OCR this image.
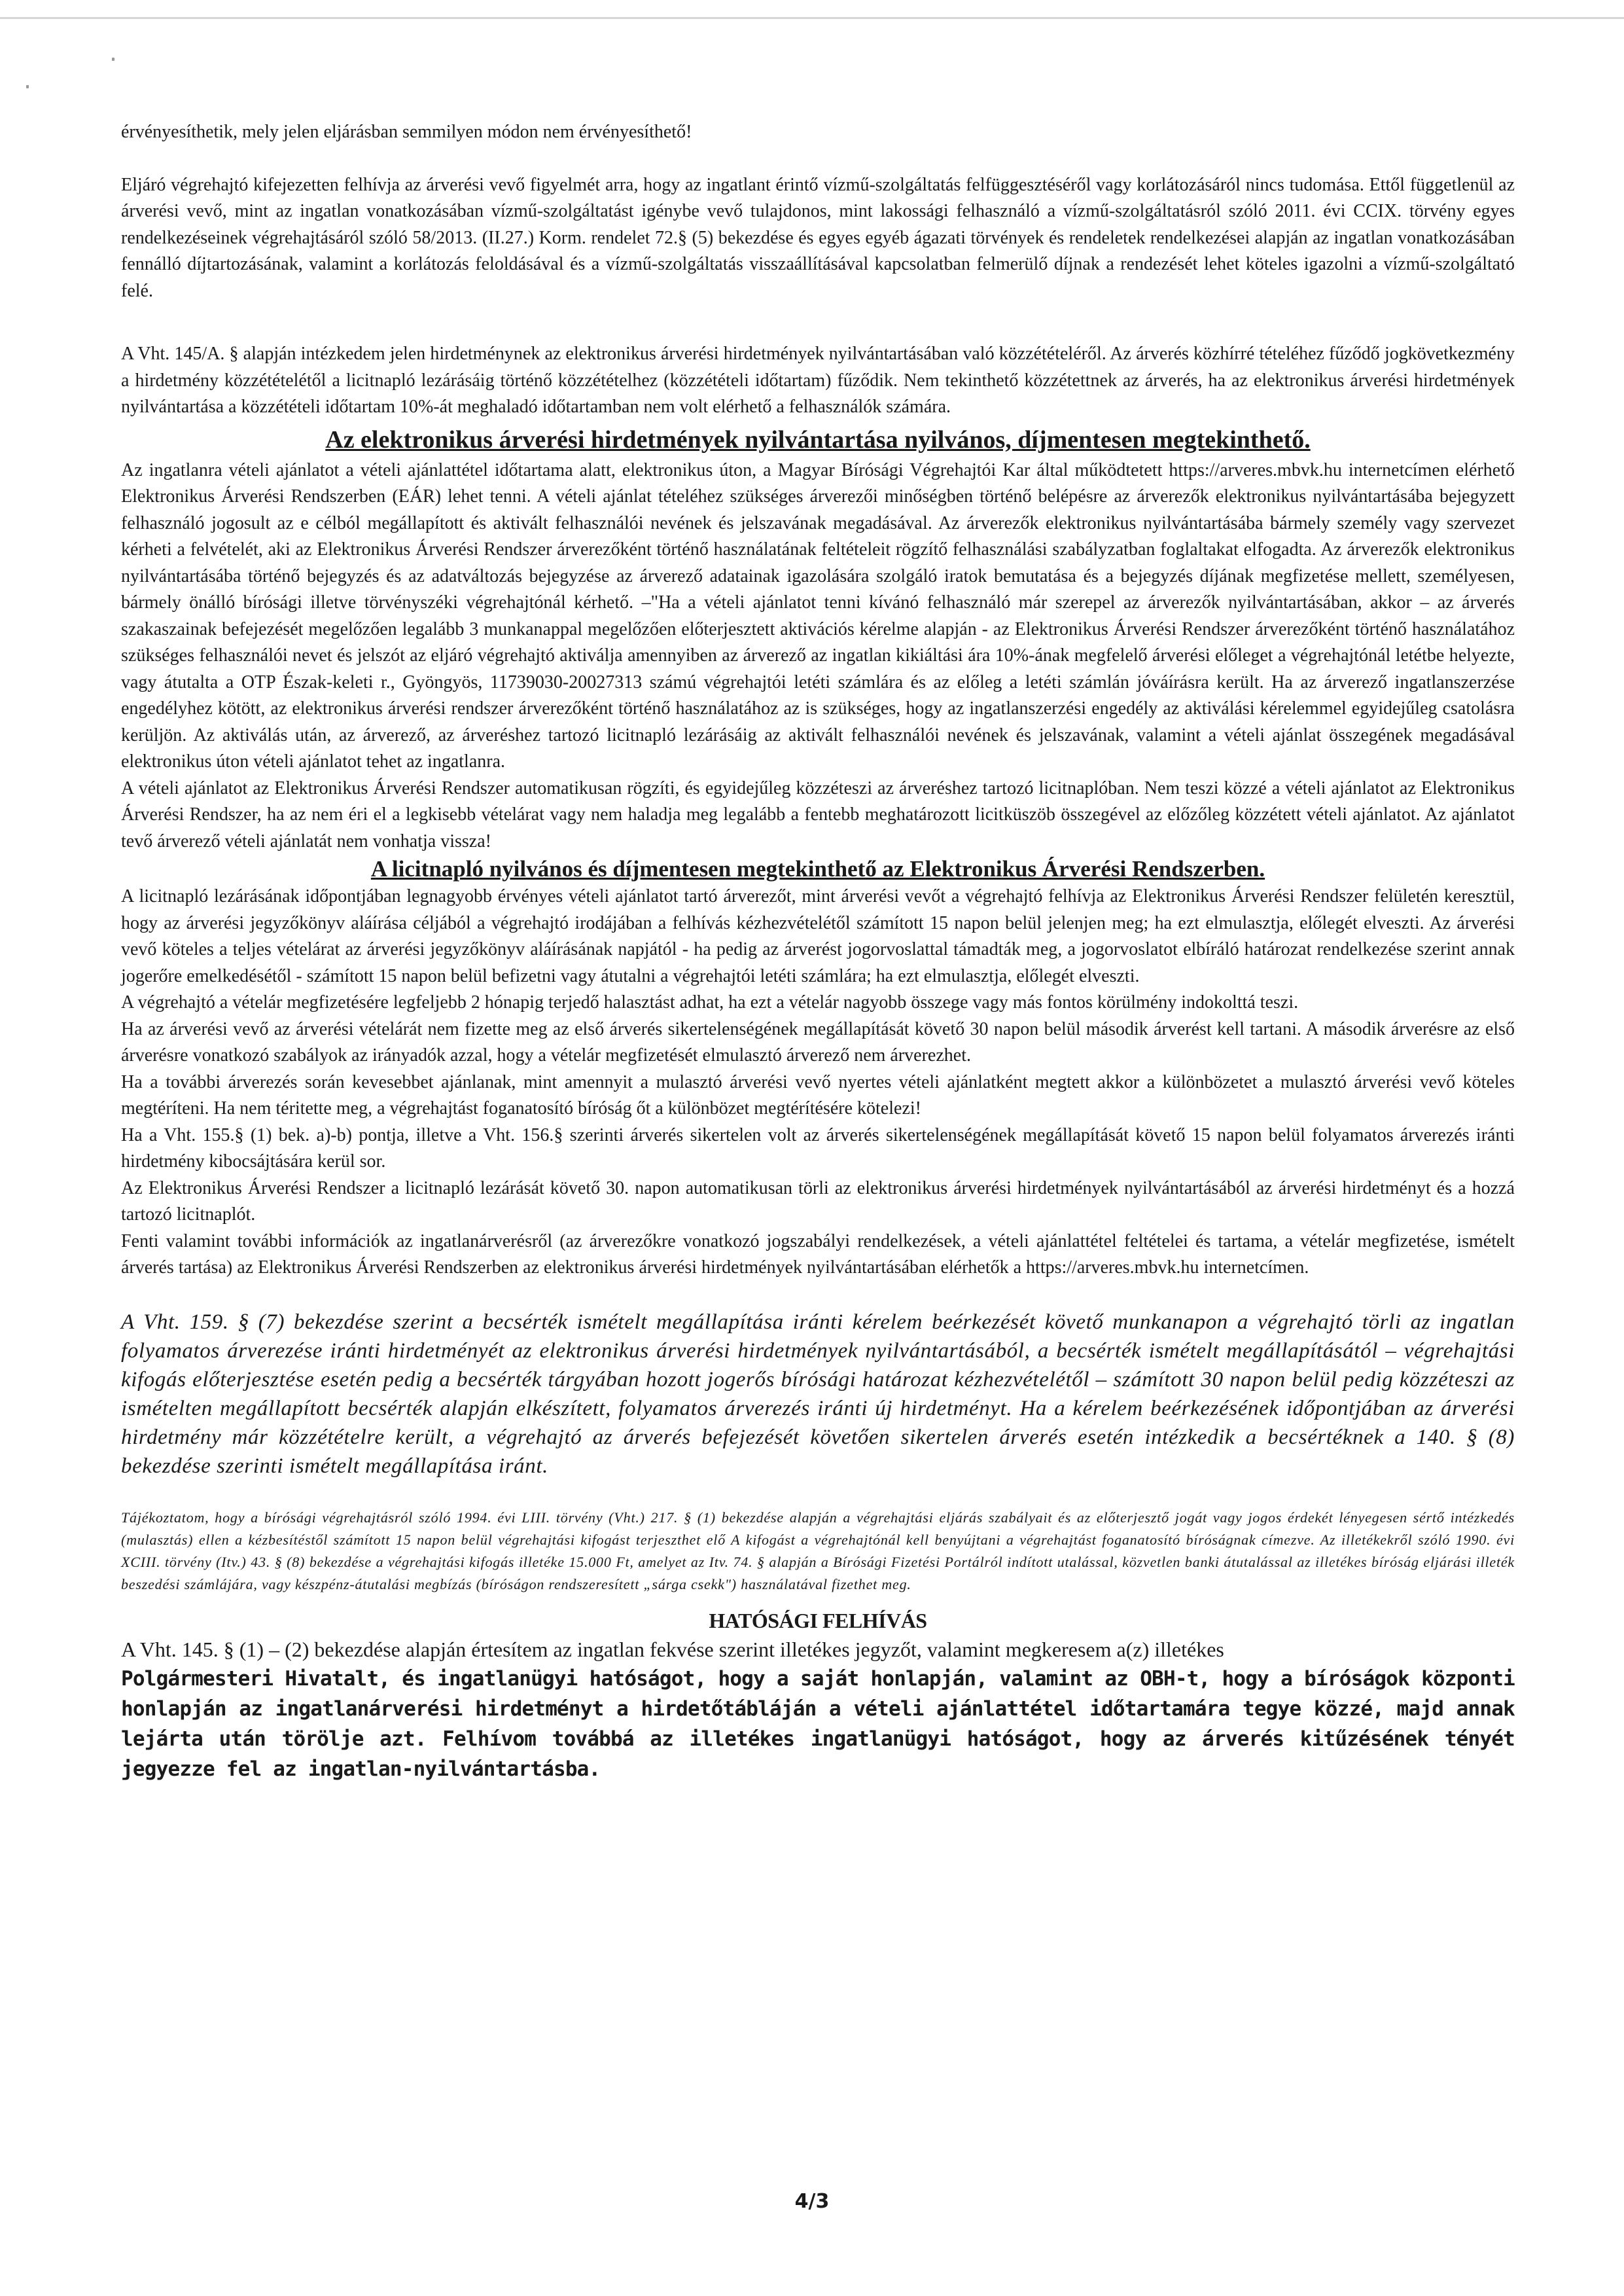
érvényesíthetik, mely jelen eljárásban semmilyen módon nem érvényesíthető!

Eljáró végrehajtó kifejezetten felhívja az árverési vevő figyelmét arra, hogy az ingatlant érintő vízmű-szolgáltatás felfüggesztéséről vagy korlátozásáról nincs tudomása. Ettől függetlenül az árverési vevő, mint az ingatlan vonatkozásában vízmű-szolgáltatást igénybe vevő tulajdonos, mint lakossági felhasználó a vízmű-szolgáltatásról szóló 2011. évi CCIX. törvény egyes rendelkezéseinek végrehajtásáról szóló 58/2013. (II.27.) Korm. rendelet 72.§ (5) bekezdése és egyes egyéb ágazati törvények és rendeletek rendelkezései alapján az ingatlan vonatkozásában fennálló díjtartozásának, valamint a korlátozás feloldásával és a vízmű-szolgáltatás visszaállításával kapcsolatban felmerülő díjnak a rendezését lehet köteles igazolni a vízmű-szolgáltató felé.

A Vht. 145/A. § alapján intézkedem jelen hirdetménynek az elektronikus árverési hirdetmények nyilvántartásában való közzétételéről. Az árverés közhírré tételéhez fűződő jogkövetkezmény a hirdetmény közzétételétől a licitnapló lezárásáig történő közzétételhez (közzétételi időtartam) fűződik. Nem tekinthető közzétettnek az árverés, ha az elektronikus árverési hirdetmények nyilvántartása a közzétételi időtartam 10%-át meghaladó időtartamban nem volt elérhető a felhasználók számára.

Az elektronikus árverési hirdetmények nyilvántartása nyilvános, díjmentesen megtekinthető.

Az ingatlanra vételi ajánlatot a vételi ajánlattétel időtartama alatt, elektronikus úton, a Magyar Bírósági Végrehajtói Kar által működtetett https://arveres.mbvk.hu internetcímen elérhető Elektronikus Árverési Rendszerben (EÁR) lehet tenni. A vételi ajánlat tételéhez szükséges árverezői minőségben történő belépésre az árverezők elektronikus nyilvántartásába bejegyzett felhasználó jogosult az e célból megállapított és aktivált felhasználói nevének és jelszavának megadásával. Az árverezők elektronikus nyilvántartásába bármely személy vagy szervezet kérheti a felvételét, aki az Elektronikus Árverési Rendszer árverezőként történő használatának feltételeit rögzítő felhasználási szabályzatban foglaltakat elfogadta. Az árverezők elektronikus nyilvántartásába történő bejegyzés és az adatváltozás bejegyzése az árverező adatainak igazolására szolgáló iratok bemutatása és a bejegyzés díjának megfizetése mellett, személyesen, bármely önálló bírósági illetve törvényszéki végrehajtónál kérhető. –"Ha a vételi ajánlatot tenni kívánó felhasználó már szerepel az árverezők nyilvántartásában, akkor – az árverés szakaszainak befejezését megelőzően legalább 3 munkanappal megelőzően előterjesztett aktivációs kérelme alapján - az Elektronikus Árverési Rendszer árverezőként történő használatához szükséges felhasználói nevet és jelszót az eljáró végrehajtó aktiválja amennyiben az árverező az ingatlan kikiáltási ára 10%-ának megfelelő árverési előleget a végrehajtónál letétbe helyezte, vagy átutalta a OTP Észak-keleti r., Gyöngyös, 11739030-20027313 számú végrehajtói letéti számlára és az előleg a letéti számlán jóváírásra került. Ha az árverező ingatlanszerzése engedélyhez kötött, az elektronikus árverési rendszer árverezőként történő használatához az is szükséges, hogy az ingatlanszerzési engedély az aktiválási kérelemmel egyidejűleg csatolásra kerüljön. Az aktiválás után, az árverező, az árveréshez tartozó licitnapló lezárásáig az aktivált felhasználói nevének és jelszavának, valamint a vételi ajánlat összegének megadásával elektronikus úton vételi ajánlatot tehet az ingatlanra.

A vételi ajánlatot az Elektronikus Árverési Rendszer automatikusan rögzíti, és egyidejűleg közzéteszi az árveréshez tartozó licitnaplóban. Nem teszi közzé a vételi ajánlatot az Elektronikus Árverési Rendszer, ha az nem éri el a legkisebb vételárat vagy nem haladja meg legalább a fentebb meghatározott licitküszöb összegével az előzőleg közzétett vételi ajánlatot. Az ajánlatot tevő árverező vételi ajánlatát nem vonhatja vissza!

A licitnapló nyilvános és díjmentesen megtekinthető az Elektronikus Árverési Rendszerben.

A licitnapló lezárásának időpontjában legnagyobb érvényes vételi ajánlatot tartó árverezőt, mint árverési vevőt a végrehajtó felhívja az Elektronikus Árverési Rendszer felületén keresztül, hogy az árverési jegyzőkönyv aláírása céljából a végrehajtó irodájában a felhívás kézhezvételétől számított 15 napon belül jelenjen meg; ha ezt elmulasztja, előlegét elveszti. Az árverési vevő köteles a teljes vételárat az árverési jegyzőkönyv aláírásának napjától - ha pedig az árverést jogorvoslattal támadták meg, a jogorvoslatot elbíráló határozat rendelkezése szerint annak jogerőre emelkedésétől - számított 15 napon belül befizetni vagy átutalni a végrehajtói letéti számlára; ha ezt elmulasztja, előlegét elveszti.

A végrehajtó a vételár megfizetésére legfeljebb 2 hónapig terjedő halasztást adhat, ha ezt a vételár nagyobb összege vagy más fontos körülmény indokolttá teszi.

Ha az árverési vevő az árverési vételárát nem fizette meg az első árverés sikertelenségének megállapítását követő 30 napon belül második árverést kell tartani. A második árverésre az első árverésre vonatkozó szabályok az irányadók azzal, hogy a vételár megfizetését elmulasztó árverező nem árverezhet.

Ha a további árverezés során kevesebbet ajánlanak, mint amennyit a mulasztó árverési vevő nyertes vételi ajánlatként megtett akkor a különbözetet a mulasztó árverési vevő köteles megtéríteni. Ha nem téritette meg, a végrehajtást foganatosító bíróság őt a különbözet megtérítésére kötelezi!

Ha a Vht. 155.§ (1) bek. a)-b) pontja, illetve a Vht. 156.§ szerinti árverés sikertelen volt az árverés sikertelenségének megállapítását követő 15 napon belül folyamatos árverezés iránti hirdetmény kibocsájtására kerül sor.

Az Elektronikus Árverési Rendszer a licitnapló lezárását követő 30. napon automatikusan törli az elektronikus árverési hirdetmények nyilvántartásából az árverési hirdetményt és a hozzá tartozó licitnaplót.

Fenti valamint további információk az ingatlanárverésről (az árverezőkre vonatkozó jogszabályi rendelkezések, a vételi ajánlattétel feltételei és tartama, a vételár megfizetése, ismételt árverés tartása) az Elektronikus Árverési Rendszerben az elektronikus árverési hirdetmények nyilvántartásában elérhetők a https://arveres.mbvk.hu internetcímen.

A Vht. 159. § (7) bekezdése szerint a becsérték ismételt megállapítása iránti kérelem beérkezését követő munkanapon a végrehajtó törli az ingatlan folyamatos árverezése iránti hirdetményét az elektronikus árverési hirdetmények nyilvántartásából, a becsérték ismételt megállapításától – végrehajtási kifogás előterjesztése esetén pedig a becsérték tárgyában hozott jogerős bírósági határozat kézhezvételétől – számított 30 napon belül pedig közzéteszi az ismételten megállapított becsérték alapján elkészített, folyamatos árverezés iránti új hirdetményt. Ha a kérelem beérkezésének időpontjában az árverési hirdetmény már közzétételre került, a végrehajtó az árverés befejezését követően sikertelen árverés esetén intézkedik a becsértéknek a 140. § (8) bekezdése szerinti ismételt megállapítása iránt.

Tájékoztatom, hogy a bírósági végrehajtásról szóló 1994. évi LIII. törvény (Vht.) 217. § (1) bekezdése alapján a végrehajtási eljárás szabályait és az előterjesztő jogát vagy jogos érdekét lényegesen sértő intézkedés (mulasztás) ellen a kézbesítéstől számított 15 napon belül végrehajtási kifogást terjeszthet elő A kifogást a végrehajtónál kell benyújtani a végrehajtást foganatosító bíróságnak címezve. Az illetékekről szóló 1990. évi XCIII. törvény (Itv.) 43. § (8) bekezdése a végrehajtási kifogás illetéke 15.000 Ft, amelyet az Itv. 74. § alapján a Bírósági Fizetési Portálról indított utalással, közvetlen banki átutalással az illetékes bíróság eljárási illeték beszedési számlájára, vagy készpénz-átutalási megbízás (bíróságon rendszeresített „sárga csekk") használatával fizethet meg.

HATÓSÁGI FELHÍVÁS

A Vht. 145. § (1) – (2) bekezdése alapján értesítem az ingatlan fekvése szerint illetékes jegyzőt, valamint megkeresem a(z) illetékes

Polgármesteri Hivatalt, és ingatlanügyi hatóságot, hogy a saját honlapján, valamint az OBH-t, hogy a bíróságok központi honlapján az ingatlanárverési hirdetményt a hirdetőtábláján a vételi ajánlattétel időtartamára tegye közzé, majd annak lejárta után törölje azt. Felhívom továbbá az illetékes ingatlanügyi hatóságot, hogy az árverés kitűzésének tényét jegyezze fel az ingatlan-nyilvántartásba.

4/3
